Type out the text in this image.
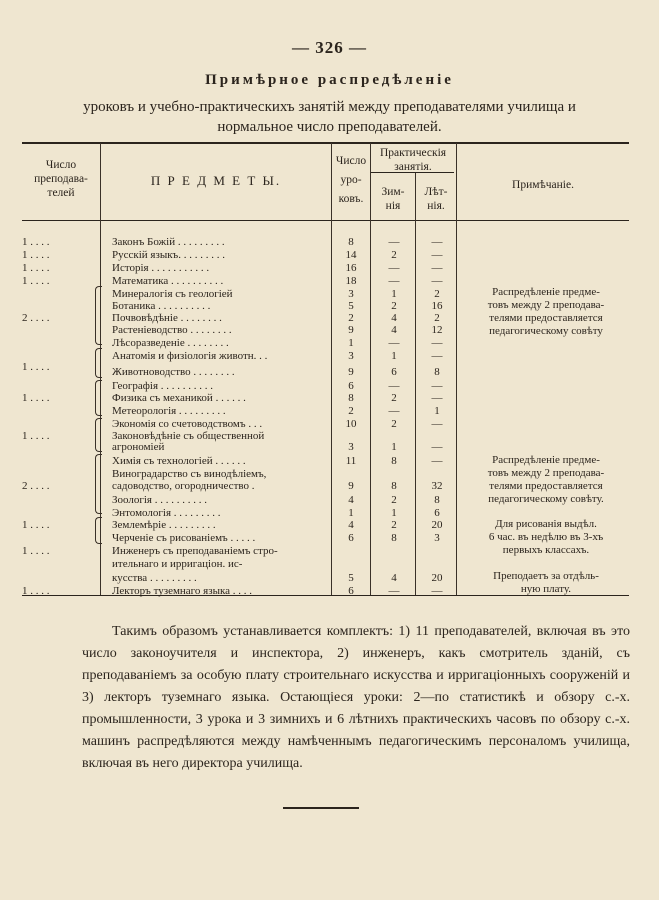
— 326 —
Примѣрное распредѣленіе
уроковъ и учебно-практическихъ занятій между преподавателями училища и
нормальное число преподавателей.
Число
преподава-
телей
П Р Е Д М Е Т Ы.
Число
уро-
ковъ.
Практическія
занятія.
Зим-
нія
Лѣт-
нія.
Примѣчаніе.
1 . . . .	Законъ Божій . . . . . . . . .	8	—	—
1 . . . .	Русскій языкъ. . . . . . . . .	14	2	—
1 . . . .	Исторія . . . . . . . . . . .	16	—	—
1 . . . .	Математика . . . . . . . . . .	18	—	—
Минералогія съ геологіей	3	1	2
Ботаника . . . . . . . . . .	5	2	16
2 . . . .	Почвовѣдѣніе . . . . . . . .	2	4	2
Растеніеводство . . . . . . . .	9	4	12
Лѣсоразведеніе . . . . . . . .	1	—	—
Анатомія и физіологія животн. . .	3	1	—
1 . . . .	Животноводство . . . . . . . .	9	6	8
Географія . . . . . . . . . .	6	—	—
1 . . . .	Физика съ механикой . . . . . .	8	2	—
Метеорологія . . . . . . . . .	2	—	1
Экономія со счетоводствомъ . . .	10	2	—
1 . . . .	Законовѣдѣніе съ общественной
агрономіей	3	1	—
Химія съ технологіей . . . . . .	11	8	—
Виноградарство съ винодѣліемъ,
2 . . . .	садоводство, огородничество .	9	8	32
Зоологія . . . . . . . . . .	4	2	8
Энтомологія . . . . . . . . .	1	1	6
1 . . . .	Землемѣріе . . . . . . . . .	4	2	20
Черченіе съ рисованіемъ . . . . .	6	8	3
1 . . . .	Инженеръ съ преподаваніемъ стро-
ительнаго и ирригаціон. ис-
кусства . . . . . . . . .	5	4	20
1 . . . .	Лекторъ туземнаго языка . . . .	6	—	—
Распредѣленіе предме-
товъ между 2 преподава-
телями предоставляется
педагогическому совѣту
Распредѣленіе предме-
товъ между 2 преподава-
телями предоставляется
педагогическому совѣту.
Для рисованія выдѣл.
6 час. въ недѣлю въ 3-хъ
первыхъ классахъ.
Преподаетъ за отдѣль-
ную плату.

Такимъ образомъ устанавливается комплектъ: 1) 11 преподавателей, включая въ это число законоучителя и инспектора, 2) инженеръ, какъ смотритель зданій, съ преподаваніемъ за особую плату строительнаго искусства и ирригаціонныхъ сооруженій и 3) лекторъ туземнаго языка. Остающіеся уроки: 2—по статистикѣ и обзору с.-х. промышленности, 3 урока и 3 зимнихъ и 6 лѣтнихъ практическихъ часовъ по обзору с.-х. машинъ распредѣляются между намѣченнымъ педагогическимъ персоналомъ училища, включая въ него директора училища.
